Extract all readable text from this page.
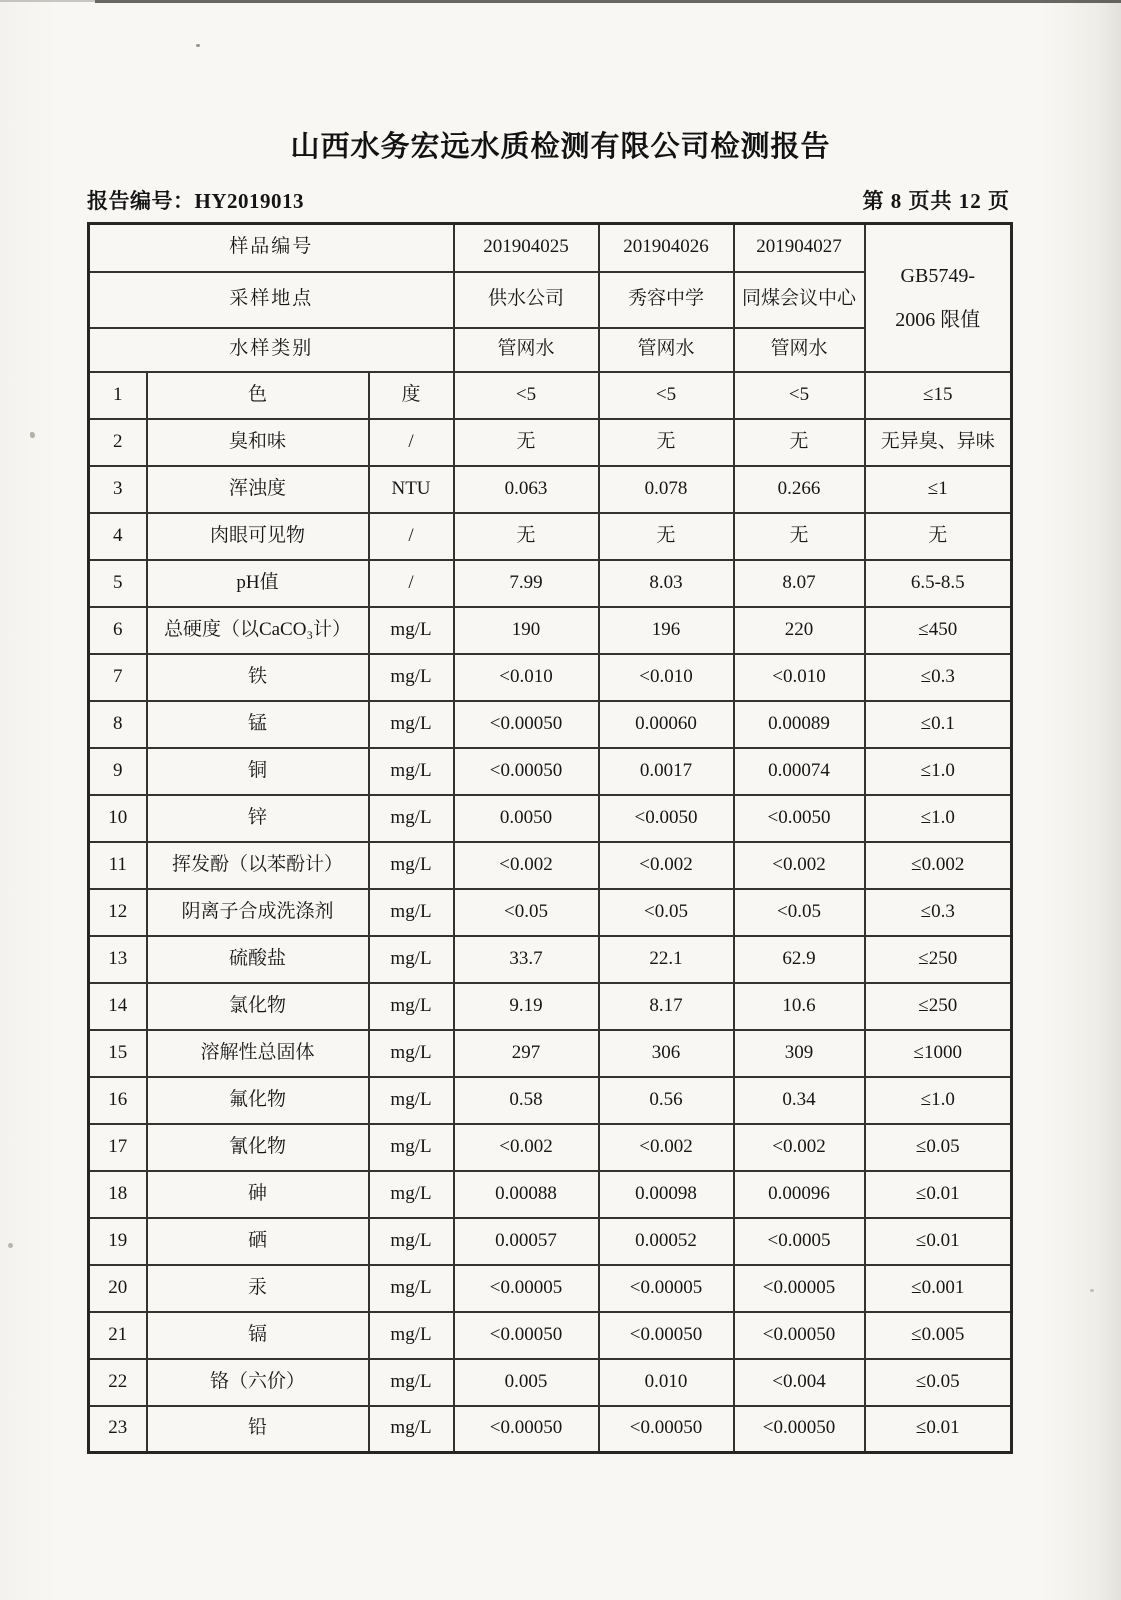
山西水务宏远水质检测有限公司检测报告
报告编号：HY2019013	第 8 页共 12 页
样品编号			201904025	201904026	201904027	GB5749-
2006 限值

采样地点			供水公司	秀容中学	同煤会议中心	
水样类别			管网水	管网水	管网水	
1	色	度	<5	<5	<5	≤15
2	臭和味	/	无	无	无	无异臭、异味
3	浑浊度	NTU	0.063	0.078	0.266	≤1
4	肉眼可见物	/	无	无	无	无
5	pH值	/	7.99	8.03	8.07	6.5-8.5
6	总硬度（以CaCO₃计）	mg/L	190	196	220	≤450
7	铁	mg/L	<0.010	<0.010	<0.010	≤0.3
8	锰	mg/L	<0.00050	0.00060	0.00089	≤0.1
9	铜	mg/L	<0.00050	0.0017	0.00074	≤1.0
10	锌	mg/L	0.0050	<0.0050	<0.0050	≤1.0
11	挥发酚（以苯酚计）	mg/L	<0.002	<0.002	<0.002	≤0.002
12	阴离子合成洗涤剂	mg/L	<0.05	<0.05	<0.05	≤0.3
13	硫酸盐	mg/L	33.7	22.1	62.9	≤250
14	氯化物	mg/L	9.19	8.17	10.6	≤250
15	溶解性总固体	mg/L	297	306	309	≤1000
16	氟化物	mg/L	0.58	0.56	0.34	≤1.0
17	氰化物	mg/L	<0.002	<0.002	<0.002	≤0.05
18	砷	mg/L	0.00088	0.00098	0.00096	≤0.01
19	硒	mg/L	0.00057	0.00052	<0.0005	≤0.01
20	汞	mg/L	<0.00005	<0.00005	<0.00005	≤0.001
21	镉	mg/L	<0.00050	<0.00050	<0.00050	≤0.005
22	铬（六价）	mg/L	0.005	0.010	<0.004	≤0.05
23	铅	mg/L	<0.00050	<0.00050	<0.00050	≤0.01
